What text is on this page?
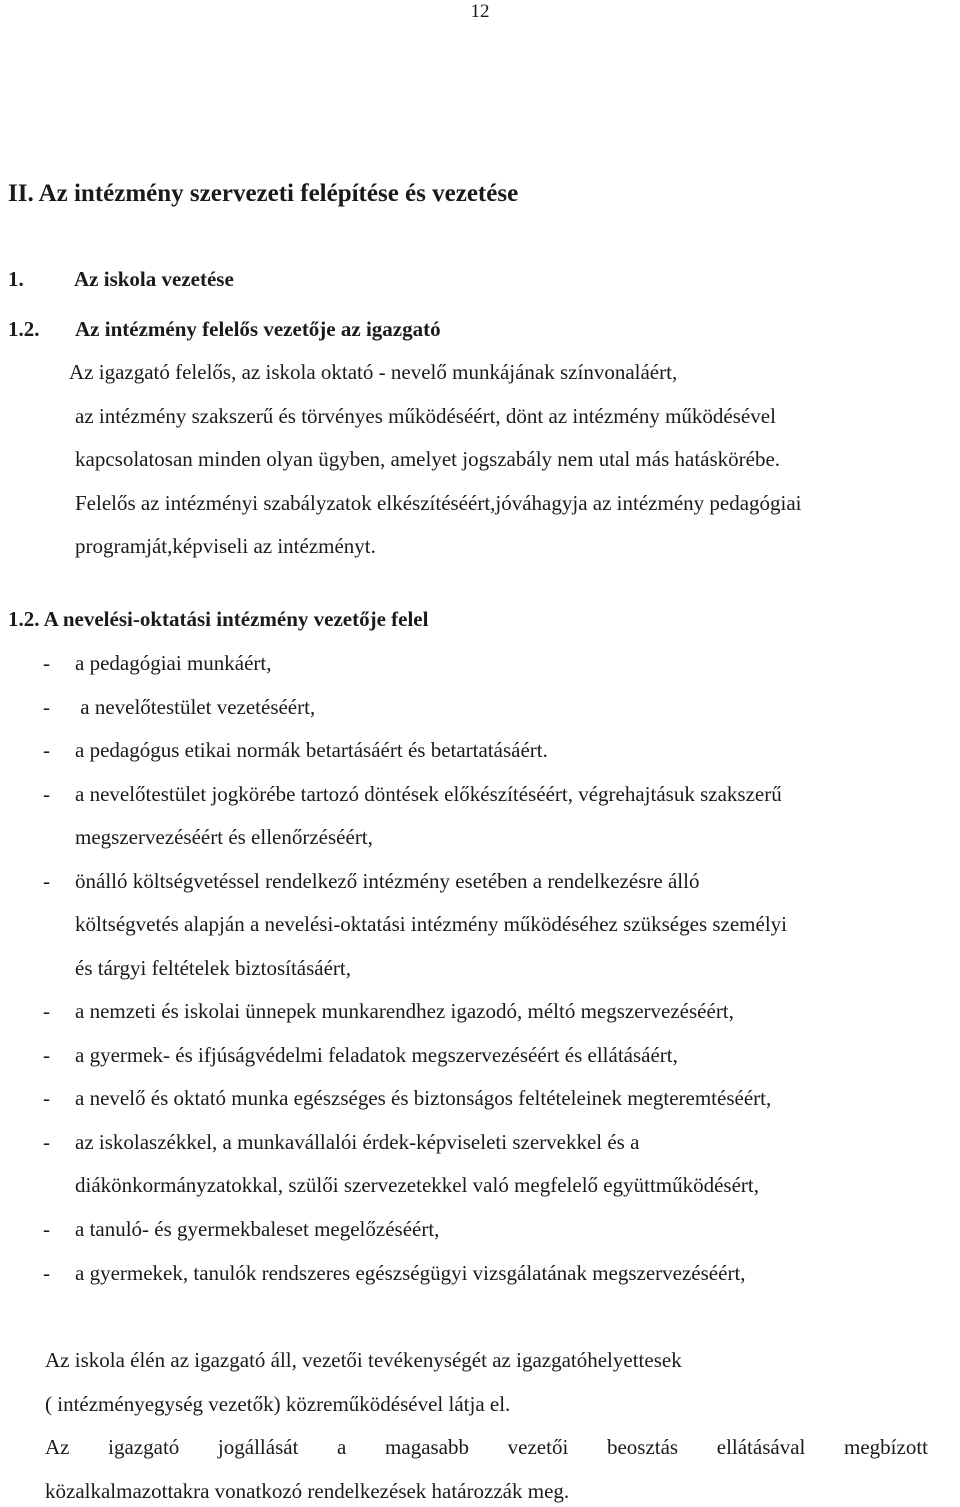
12
II. Az intézmény szervezeti felépítése és vezetése
1. Az iskola vezetése
1.2. Az intézmény felelős vezetője az igazgató
Az igazgató felelős, az iskola oktató - nevelő munkájának színvonaláért,
az intézmény szakszerű és törvényes működéséért, dönt az intézmény működésével
kapcsolatosan minden olyan ügyben, amelyet jogszabály nem utal más hatáskörébe.
Felelős az intézményi szabályzatok elkészítéséért,jóváhagyja az intézmény pedagógiai
programját,képviseli az intézményt.
1.2. A nevelési-oktatási intézmény vezetője felel
- a pedagógiai munkáért,
- a nevelőtestület vezetéséért,
- a pedagógus etikai normák betartásáért és betartatásáért.
- a nevelőtestület jogkörébe tartozó döntések előkészítéséért, végrehajtásuk szakszerű
megszervezéséért és ellenőrzéséért,
- önálló költségvetéssel rendelkező intézmény esetében a rendelkezésre álló
költségvetés alapján a nevelési-oktatási intézmény működéséhez szükséges személyi
és tárgyi feltételek biztosításáért,
- a nemzeti és iskolai ünnepek munkarendhez igazodó, méltó megszervezéséért,
- a gyermek- és ifjúságvédelmi feladatok megszervezéséért és ellátásáért,
- a nevelő és oktató munka egészséges és biztonságos feltételeinek megteremtéséért,
- az iskolaszékkel, a munkavállalói érdek-képviseleti szervekkel és a
diákönkormányzatokkal, szülői szervezetekkel való megfelelő együttműködésért,
- a tanuló- és gyermekbaleset megelőzéséért,
- a gyermekek, tanulók rendszeres egészségügyi vizsgálatának megszervezéséért,
Az iskola élén az igazgató áll, vezetői tevékenységét az igazgatóhelyettesek
( intézményegység vezetők) közreműködésével látja el.
Az igazgató jogállását a magasabb vezetői beosztás ellátásával megbízott
közalkalmazottakra vonatkozó rendelkezések határozzák meg.
